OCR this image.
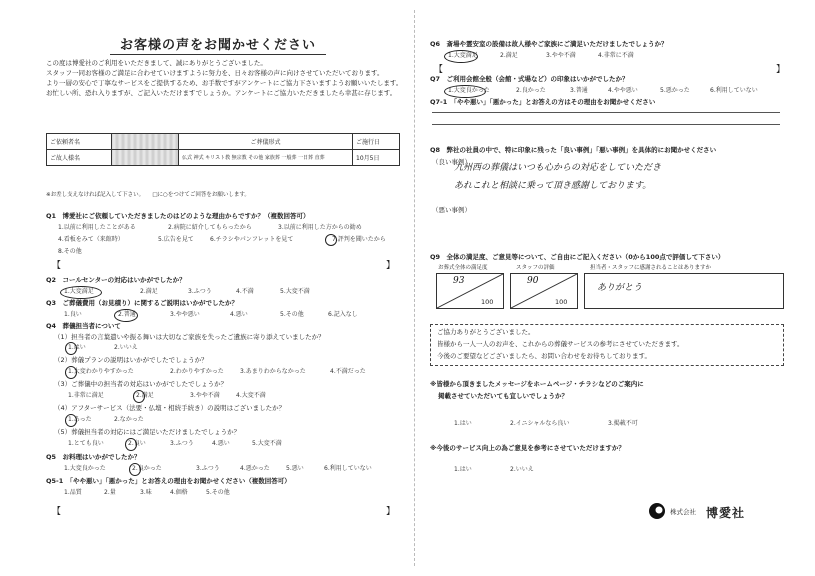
お客様の声をお聞かせください
この度は博愛社のご利用をいただきまして、誠にありがとうございました。
スタッフ一同お客様のご満足に合わせていけますように努力を、日々お客様の声に向けさせていただいております。
より一層の安心で丁寧なサービスをご提供するため、お手数ですがアンケートにご協力下さいますようお願いいたします。
お忙しい所、恐れ入りますが、ご記入いただけますでしょうか。アンケートにご協力いただきましたら幸甚に存じます。
ご依頼者名		ご葬儀形式	ご施行日
ご故人様名		仏式 神式 キリスト教 無宗教 その他 家族葬 一般葬 一日葬 直葬	10月5日
※お差し支えなければ記入して下さい。　　□に○をつけてご回答をお願いします。
Q1　博愛社にご依頼していただきましたのはどのような理由からですか？（複数回答可）
1.以前に利用したことがある	2.病院に紹介してもらったから	3.以前に利用した方からの勧め
4.看板をみて（来館時）	5.広告を見て	6.チラシやパンフレットを見て	7.評判を聞いたから
8.その他
【	】
Q2　コールセンターの対応はいかがでしたか？
1.大変満足	2.満足	3.ふつう	4.不満	5.大変不満
Q3　ご葬儀費用（お見積り）に関するご説明はいかがでしたか？
1.良い	2.普通	3.やや悪い	4.悪い	5.その他	6.記入なし
Q4　葬儀担当者について
（1）担当者の言葉遣いや振る舞いは大切なご家族を失ったご遺族に寄り添えていましたか？
1.はい	2.いいえ
（2）葬儀プランの説明はいかがでしたでしょうか？
1.大変わかりやすかった	2.わかりやすかった	3.あまりわからなかった	4.不満だった
（3）ご葬儀中の担当者の対応はいかがでしたでしょうか？
1.非常に満足	2.満足	3.やや不満	4.大変不満
（4）アフターサービス（法要・仏壇・相続手続き）の説明はございましたか？
1.あった	2.なかった
（5）葬儀担当者の対応にはご満足いただけましたでしょうか？
1.とても良い	2.良い	3.ふつう	4.悪い	5.大変不満
Q5　お料理はいかがでしたか？
1.大変良かった	2.良かった	3.ふつう	4.悪かった	5.悪い	6.利用していない
Q5-1　「やや悪い」「悪かった」とお答えの理由をお聞かせください（複数回答可）
1.品質	2.量	3.味	4.価格	5.その他
【	】
Q6　斎場や霊安室の設備は故人様やご家族にご満足いただけましたでしょうか？
1.大変満足	2.満足	3.やや不満	4.非常に不満
【	】
Q7　ご利用会館全般（会館・式場など）の印象はいかがでしたか？
1.大変良かった	2.良かった	3.普通	4.やや悪い	5.悪かった	6.利用していない
Q7-1　「やや悪い」「悪かった」とお答えの方はその理由をお聞かせください
Q8　弊社の社員の中で、特に印象に残った「良い事例」「悪い事例」を具体的にお聞かせください
（良い事例）
九州西の葬儀はいつも心からの対応をしていただき
あれこれと相談に乗って頂き感謝しております。
（悪い事例）
Q9　全体の満足度、ご意見等について、ご自由にご記入ください（0から100点で評価して下さい）
お葬式全体の満足度	スタッフの評価	担当者・スタッフに感謝されることはありますか
93
100
90
100
ありがとう
ご協力ありがとうございました。
皆様から一人一人のお声を、これからの葬儀サービスの参考にさせていただきます。
今後のご要望などございましたら、お問い合わせをお待ちしております。
※皆様から頂きましたメッセージをホームページ・チラシなどのご案内に
掲載させていただいても宜しいでしょうか？
1.はい	2.イニシャルなら良い	3.掲載不可
※今後のサービス向上の為ご意見を参考にさせていただけますか？
1.はい	2.いいえ
株式会社 博愛社
